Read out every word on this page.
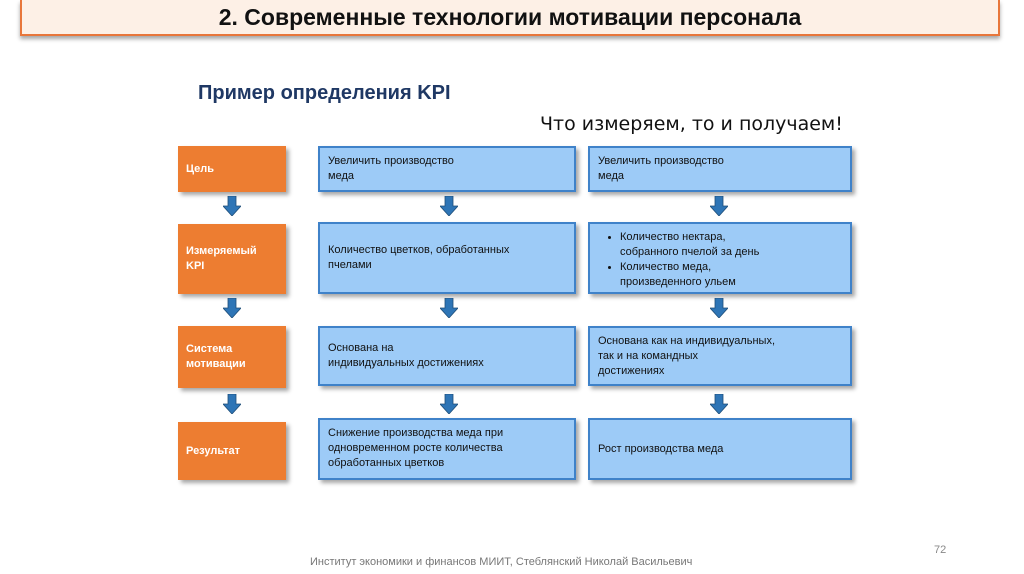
2. Современные технологии мотивации персонала
Пример определения KPI
Что измеряем, то и получаем!
Цель
Увеличить производство
меда
Увеличить производство
меда
Измеряемый
KPI
Количество цветков, обработанных
пчелами
• Количество нектара,
собранного пчелой за день
• Количество меда,
произведенного ульем
Система
мотивации
Основана на
индивидуальных достижениях
Основана как на индивидуальных,
так и на командных
достижениях
Результат
Снижение производства меда при
одновременном росте количества
обработанных цветков
Рост производства меда
72
Институт экономики и финансов МИИТ, Стеблянский Николай Васильевич
